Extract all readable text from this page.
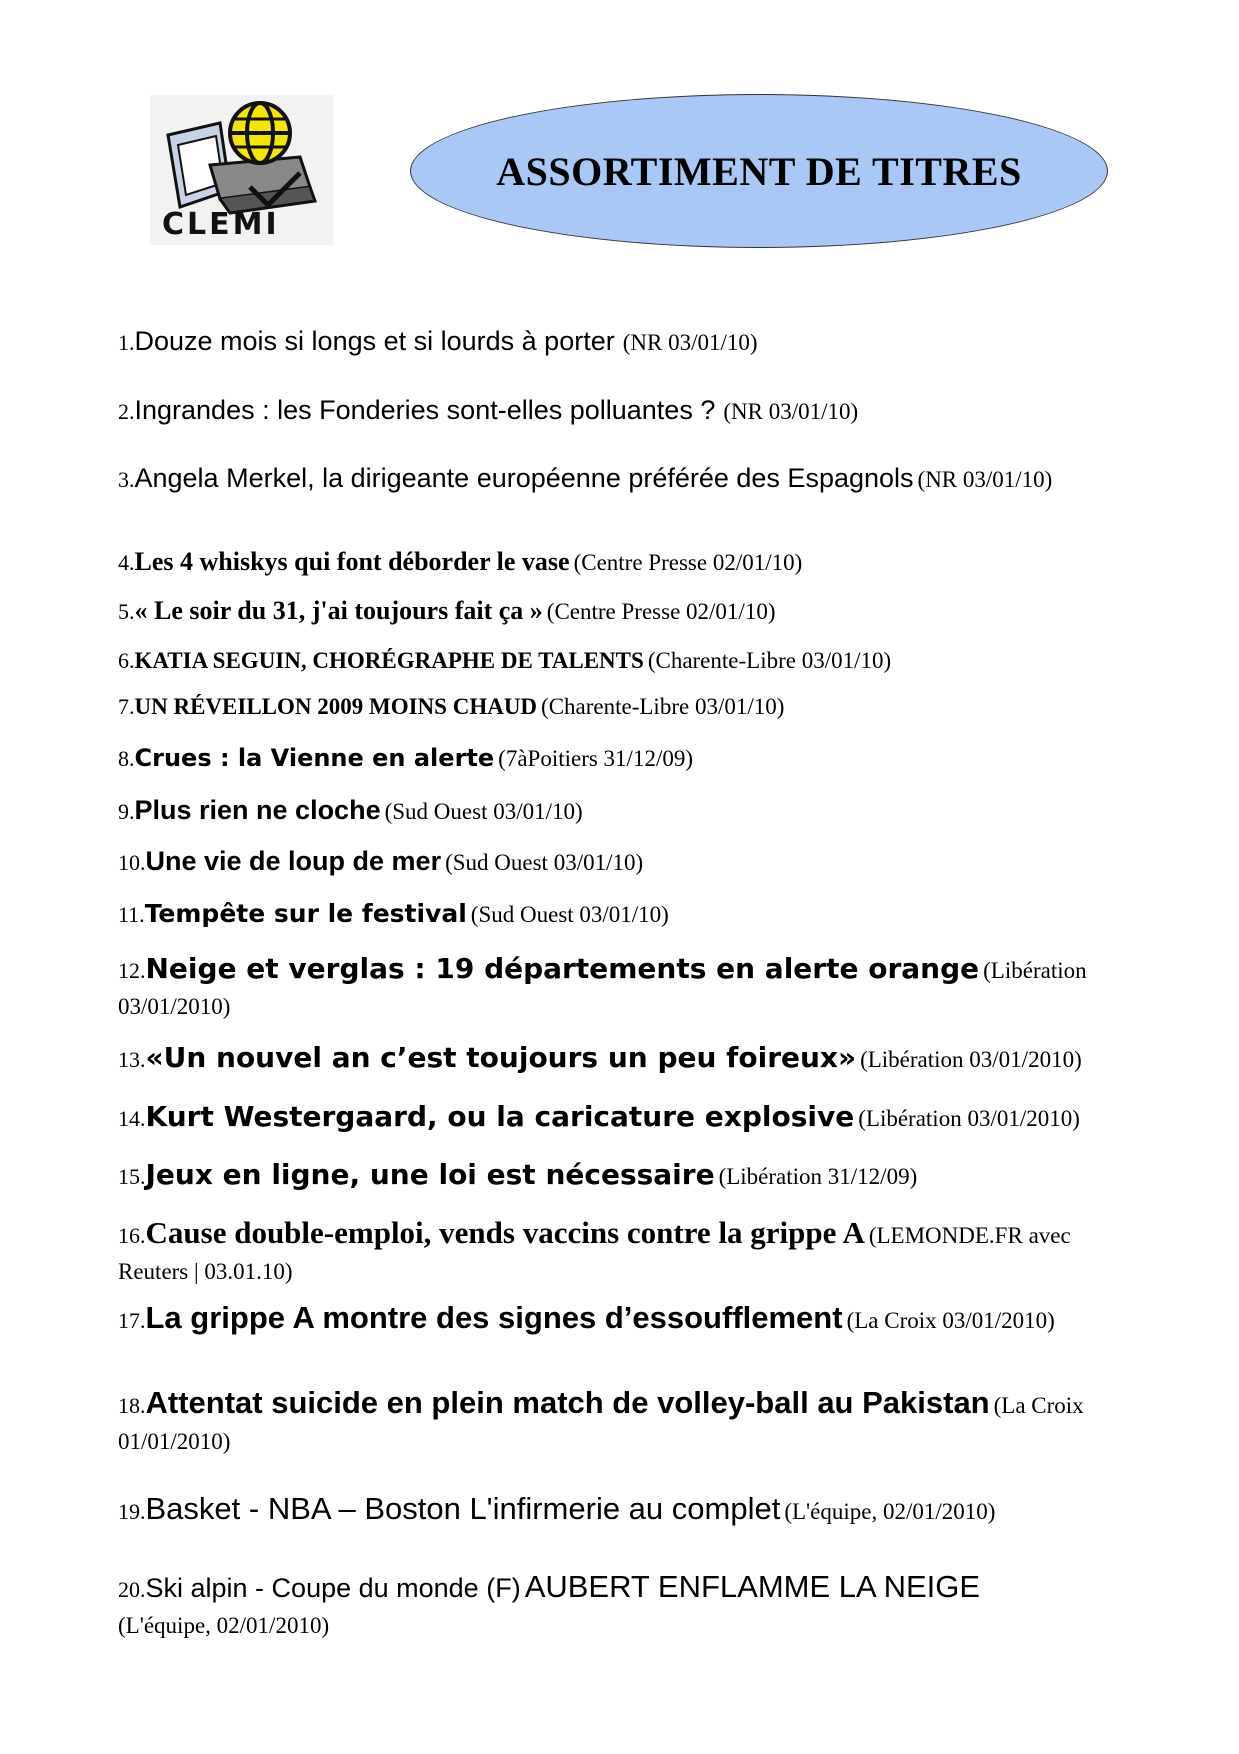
CLEMI
ASSORTIMENT DE TITRES
1.Douze mois si longs et si lourds à porter (NR 03/01/10)
2.Ingrandes : les Fonderies sont-elles polluantes ? (NR 03/01/10)
3.Angela Merkel, la dirigeante européenne préférée des Espagnols (NR 03/01/10)
4.Les 4 whiskys qui font déborder le vase (Centre Presse 02/01/10)
5.« Le soir du 31, j'ai toujours fait ça » (Centre Presse 02/01/10)
6.KATIA SEGUIN, CHORÉGRAPHE DE TALENTS (Charente-Libre 03/01/10)
7.UN RÉVEILLON 2009 MOINS CHAUD (Charente-Libre 03/01/10)
8.Crues : la Vienne en alerte (7àPoitiers 31/12/09)
9.Plus rien ne cloche (Sud Ouest 03/01/10)
10.Une vie de loup de mer (Sud Ouest 03/01/10)
11.Tempête sur le festival (Sud Ouest 03/01/10)
12.Neige et verglas : 19 départements en alerte orange (Libération 03/01/2010)
13.«Un nouvel an c’est toujours un peu foireux» (Libération 03/01/2010)
14.Kurt Westergaard, ou la caricature explosive (Libération 03/01/2010)
15.Jeux en ligne, une loi est nécessaire (Libération 31/12/09)
16.Cause double-emploi, vends vaccins contre la grippe A (LEMONDE.FR avec Reuters | 03.01.10)
17.La grippe A montre des signes d’essoufflement (La Croix 03/01/2010)
18.Attentat suicide en plein match de volley-ball au Pakistan (La Croix 01/01/2010)
19.Basket - NBA – Boston L'infirmerie au complet (L'équipe, 02/01/2010)
20.Ski alpin - Coupe du monde (F) AUBERT ENFLAMME LA NEIGE
(L'équipe, 02/01/2010)
